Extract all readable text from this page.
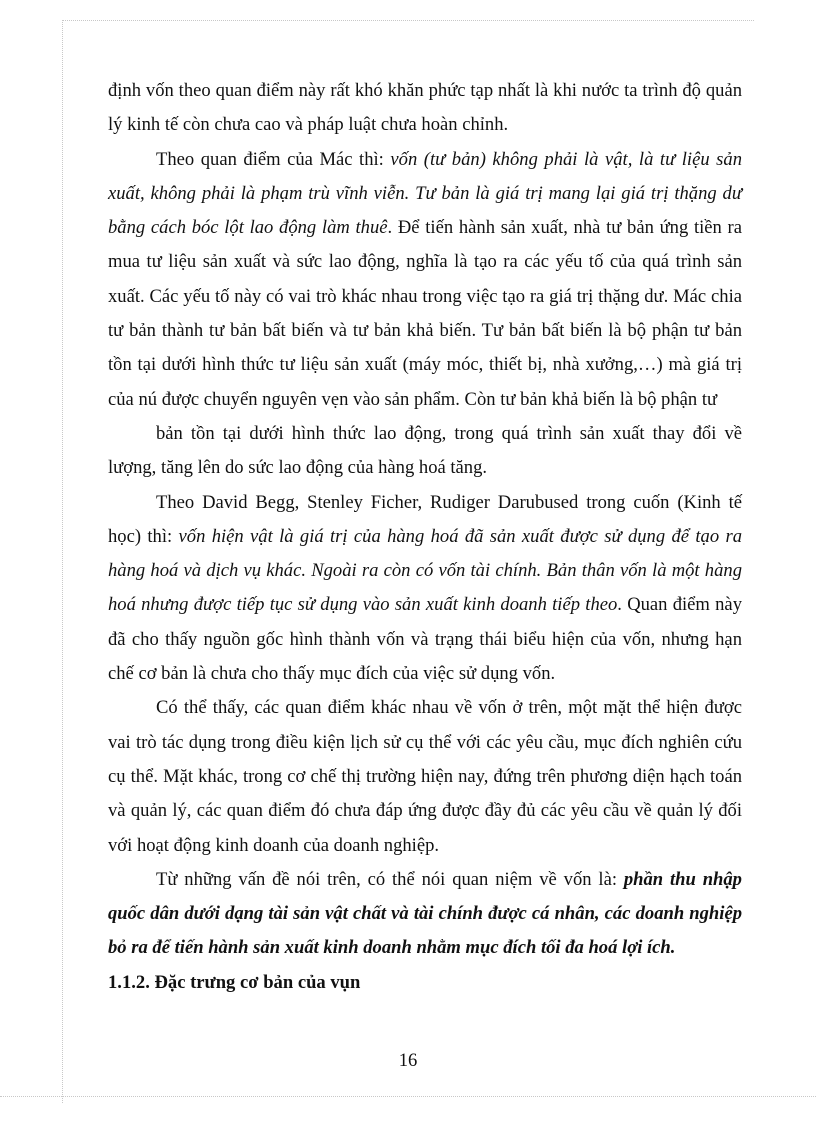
định vốn theo quan điểm này rất khó khăn phức tạp nhất là khi nước ta trình độ quản lý kinh tế còn chưa cao và pháp luật chưa hoàn chỉnh.

Theo quan điểm của Mác thì: vốn (tư bản) không phải là vật, là tư liệu sản xuất, không phải là phạm trù vĩnh viễn. Tư bản là giá trị mang lại giá trị thặng dư bằng cách bóc lột lao động làm thuê. Để tiến hành sản xuất, nhà tư bản ứng tiền ra mua tư liệu sản xuất và sức lao động, nghĩa là tạo ra các yếu tố của quá trình sản xuất. Các yếu tố này có vai trò khác nhau trong việc tạo ra giá trị thặng dư. Mác chia tư bản thành tư bản bất biến và tư bản khả biến. Tư bản bất biến là bộ phận tư bản tồn tại dưới hình thức tư liệu sản xuất (máy móc, thiết bị, nhà xưởng,…) mà giá trị của nú được chuyển nguyên vẹn vào sản phẩm. Còn tư bản khả biến là bộ phận tư

bản tồn tại dưới hình thức lao động, trong quá trình sản xuất thay đổi về lượng, tăng lên do sức lao động của hàng hoá tăng.

Theo David Begg, Stenley Ficher, Rudiger Darubused trong cuốn (Kinh tế học) thì: vốn hiện vật là giá trị của hàng hoá đã sản xuất được sử dụng để tạo ra hàng hoá và dịch vụ khác. Ngoài ra còn có vốn tài chính. Bản thân vốn là một hàng hoá nhưng được tiếp tục sử dụng vào sản xuất kinh doanh tiếp theo. Quan điểm này đã cho thấy nguồn gốc hình thành vốn và trạng thái biểu hiện của vốn, nhưng hạn chế cơ bản là chưa cho thấy mục đích của việc sử dụng vốn.

Có thể thấy, các quan điểm khác nhau về vốn ở trên, một mặt thể hiện được vai trò tác dụng trong điều kiện lịch sử cụ thể với các yêu cầu, mục đích nghiên cứu cụ thể. Mặt khác, trong cơ chế thị trường hiện nay, đứng trên phương diện hạch toán và quản lý, các quan điểm đó chưa đáp ứng được đầy đủ các yêu cầu về quản lý đối với hoạt động kinh doanh của doanh nghiệp.

Từ những vấn đề nói trên, có thể nói quan niệm về vốn là: phần thu nhập quốc dân dưới dạng tài sản vật chất và tài chính được cá nhân, các doanh nghiệp bỏ ra để tiến hành sản xuất kinh doanh nhằm mục đích tối đa hoá lợi ích.

1.1.2. Đặc trưng cơ bản của vụn
16
